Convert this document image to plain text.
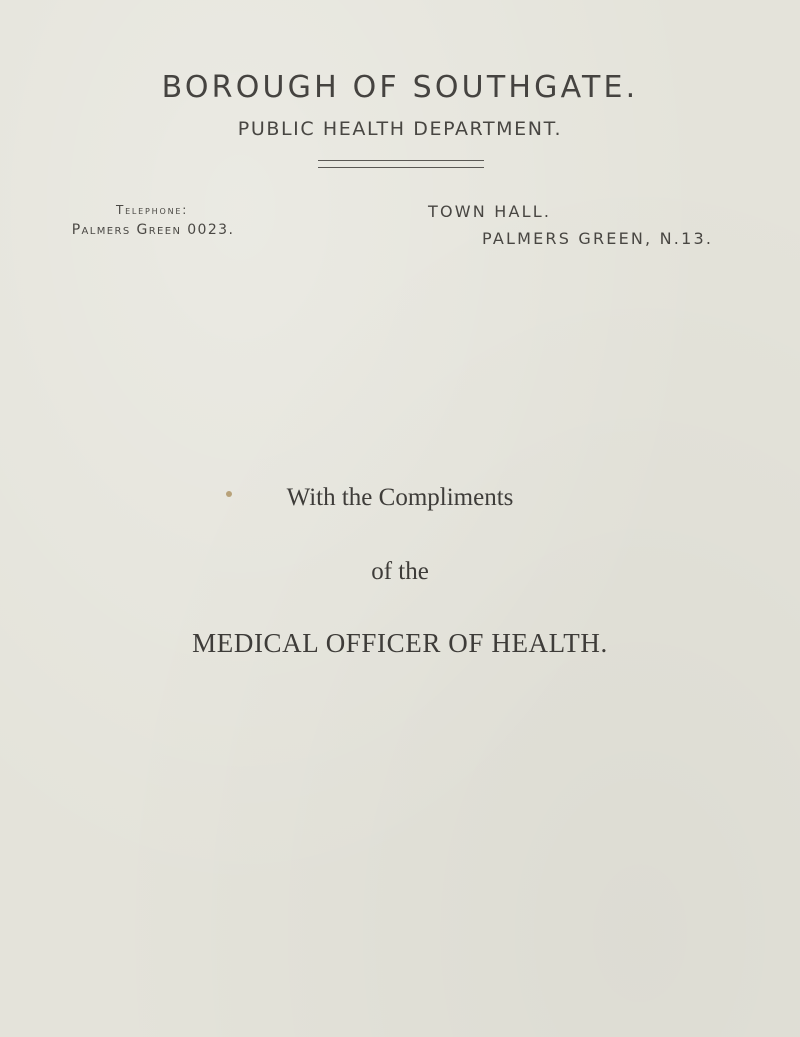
BOROUGH OF SOUTHGATE.
PUBLIC HEALTH DEPARTMENT.
Telephone:
Palmers Green 0023.
TOWN HALL.
PALMERS GREEN, N.13.
With the Compliments
of the
MEDICAL OFFICER OF HEALTH.
